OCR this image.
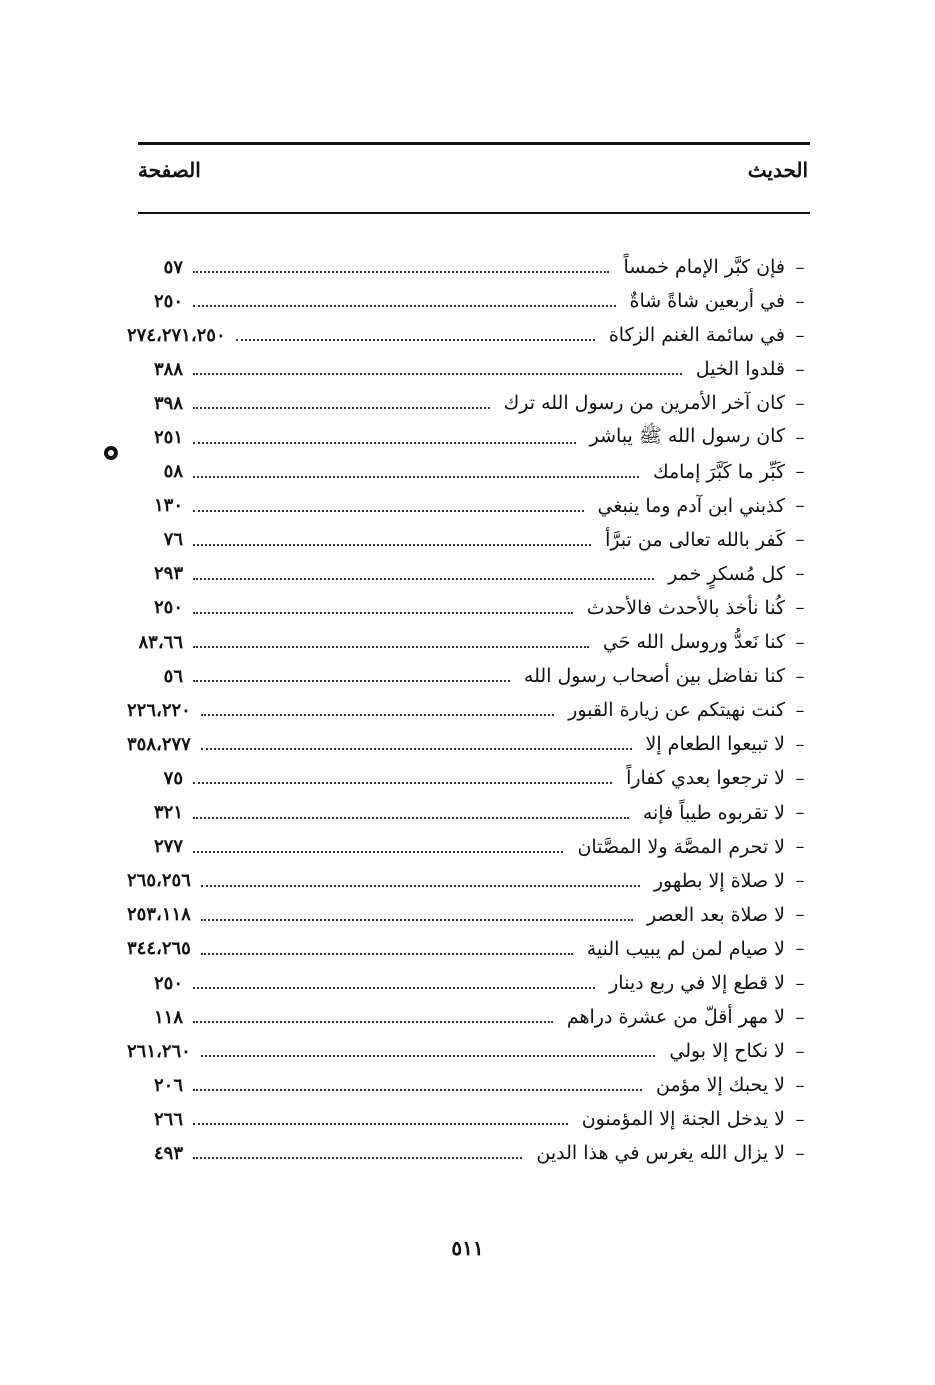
الحديث
الصفحة
–
فإن كبَّر الإمام خمساً
٥٧
–
في أربعين شاةً شاةٌ
٢٥٠
–
في سائمة الغنم الزكاة
٢٧٤،٢٧١،٢٥٠
–
قلدوا الخيل
٣٨٨
–
كان آخر الأمرين من رسول الله ترك
٣٩٨
–
كان رسول الله ﷺ يباشر
٢٥١
–
كَبِّر ما كَبَّرَ إمامك
٥٨
–
كذبني ابن آدم وما ينبغي
١٣٠
–
كَفر بالله تعالى من تبرَّأ
٧٦
–
كل مُسكرٍ خمر
٢٩٣
–
كُنا نأخذ بالأحدث فالأحدث
٢٥٠
–
كنا نَعدُّ وروسل الله حَي
٨٣،٦٦
–
كنا نفاضل بين أصحاب رسول الله
٥٦
–
كنت نهيتكم عن زيارة القبور
٢٢٦،٢٢٠
–
لا تبيعوا الطعام إلا
٣٥٨،٢٧٧
–
لا ترجعوا بعدي كفاراً
٧٥
–
لا تقربوه طيباً فإنه
٣٢١
–
لا تحرم المصَّة ولا المصَّتان
٢٧٧
–
لا صلاة إلا بطهور
٢٦٥،٢٥٦
–
لا صلاة بعد العصر
٢٥٣،١١٨
–
لا صيام لمن لم يبيب النية
٣٤٤،٢٦٥
–
لا قطع إلا في ربع دينار
٢٥٠
–
لا مهر أقلّ من عشرة دراهم
١١٨
–
لا نكاح إلا بولي
٢٦١،٢٦٠
–
لا يحبك إلا مؤمن
٢٠٦
–
لا يدخل الجنة إلا المؤمنون
٢٦٦
–
لا يزال الله يغرس في هذا الدين
٤٩٣
٥١١
